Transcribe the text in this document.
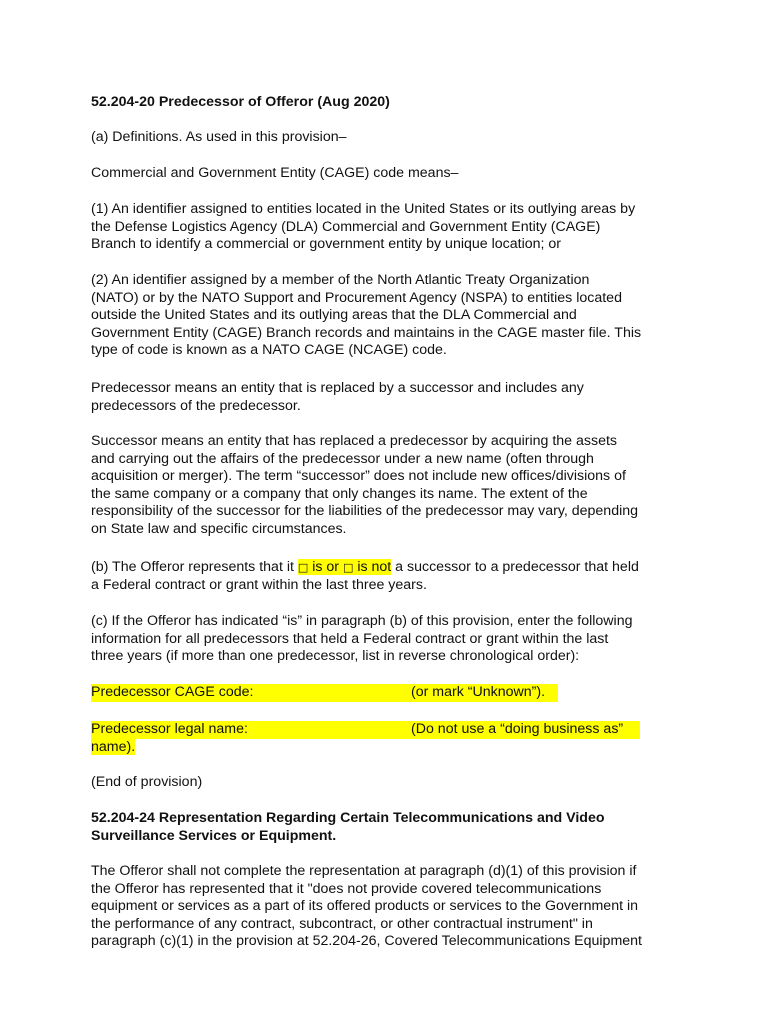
52.204-20 Predecessor of Offeror (Aug 2020)
(a) Definitions. As used in this provision–
Commercial and Government Entity (CAGE) code means–
(1) An identifier assigned to entities located in the United States or its outlying areas by
the Defense Logistics Agency (DLA) Commercial and Government Entity (CAGE)
Branch to identify a commercial or government entity by unique location; or
(2) An identifier assigned by a member of the North Atlantic Treaty Organization
(NATO) or by the NATO Support and Procurement Agency (NSPA) to entities located
outside the United States and its outlying areas that the DLA Commercial and
Government Entity (CAGE) Branch records and maintains in the CAGE master file. This
type of code is known as a NATO CAGE (NCAGE) code.
Predecessor means an entity that is replaced by a successor and includes any
predecessors of the predecessor.
Successor means an entity that has replaced a predecessor by acquiring the assets
and carrying out the affairs of the predecessor under a new name (often through
acquisition or merger). The term “successor” does not include new offices/divisions of
the same company or a company that only changes its name. The extent of the
responsibility of the successor for the liabilities of the predecessor may vary, depending
on State law and specific circumstances.
(b) The Offeror represents that it □ is or □ is not a successor to a predecessor that held
a Federal contract or grant within the last three years.
(c) If the Offeror has indicated “is” in paragraph (b) of this provision, enter the following
information for all predecessors that held a Federal contract or grant within the last
three years (if more than one predecessor, list in reverse chronological order):

Predecessor CAGE code:	(or mark “Unknown”).

Predecessor legal name:	(Do not use a “doing business as”
name).
(End of provision)
52.204-24 Representation Regarding Certain Telecommunications and Video
Surveillance Services or Equipment.
The Offeror shall not complete the representation at paragraph (d)(1) of this provision if
the Offeror has represented that it "does not provide covered telecommunications
equipment or services as a part of its offered products or services to the Government in
the performance of any contract, subcontract, or other contractual instrument" in
paragraph (c)(1) in the provision at 52.204-26, Covered Telecommunications Equipment
